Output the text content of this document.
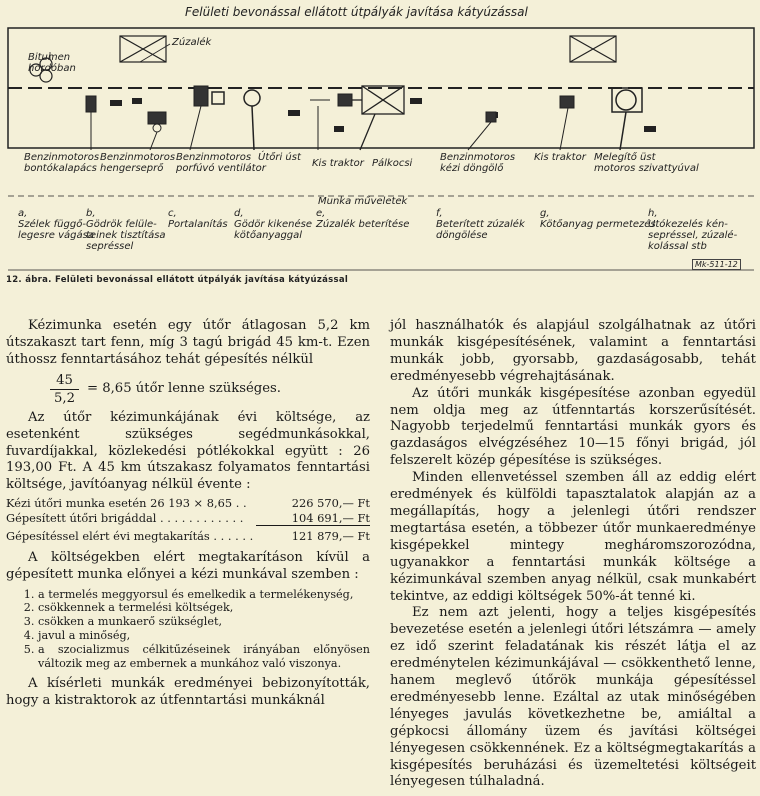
Felületi bevonással ellátott útpályák javítása kátyúzással
Bitumen
hordóban
Zúzalék
Benzinmotoros
bontókalapács
Benzinmotoros
hengerseprő
Benzinmotoros
porfúvó ventilátor
Útőri úst
Kis traktor Pálkocsi
Benzinmotoros
kézi döngölő
Kis traktor Melegítő üst
motoros szivattyúval
Munka műveletek
a,
Szélek függő-
legesre vágása
b,
Gödrök felüle-
teinek tisztítása
sepréssel
c,
Portalanítás
d,
Gödör kikenése
kötőanyaggal
e,
Zúzalék beterítése
f,
Beterített zúzalék
döngölése
g,
Kötőanyag permetezés
h,
Utókezelés kén-
sepréssel, zúzalé-
kolással stb
Mk-511-12
12. ábra. Felületi bevonással ellátott útpályák javítása kátyúzással

Kézimunka esetén egy útőr átlagosan 5,2 km útszakaszt tart fenn, míg 3 tagú brigád 45 km-t. Ezen úthossz fenntartásához tehát gépesítés nélkül

$\frac{45}{5,2} = 8,65$ útőr lenne szükséges.

Az útőr kézimunkájának évi költsége, az esetenként szükséges segédmunkásokkal, fuvardíjakkal, közlekedési pótlékokkal együtt : 26 193,00 Ft. A 45 km útszakasz folyamatos fenntartási költsége, javítóanyag nélkül évente :

Kézi útőri munka esetén 26 193 × 8,65 . .	226 570,— Ft
Gépesített útőri brigáddal . . . . . . . . . . . .	104 691,— Ft
Gépesítéssel elért évi megtakarítás . . . . . .	121 879,— Ft

A költségekben elért megtakarításon kívül a gépesített munka előnyei a kézi munkával szemben :

1. a termelés meggyorsul és emelkedik a termelékenység,
2. csökkennek a termelési költségek,
3. csökken a munkaerő szükséglet,
4. javul a minőség,
5. a szocializmus célkitűzéseinek irányában előnyösen változik meg az embernek a munkához való viszonya.

A kísérleti munkák eredményei bebizonyították, hogy a kistraktorok az útfenntartási munkáknál

jól használhatók és alapjául szolgálhatnak az útőri munkák kisgépesítésének, valamint a fenntartási munkák jobb, gyorsabb, gazdaságosabb, tehát eredményesebb végrehajtásának.

Az útőri munkák kisgépesítése azonban egyedül nem oldja meg az útfenntartás korszerűsítését. Nagyobb terjedelmű fenntartási munkák gyors és gazdaságos elvégzéséhez 10—15 főnyi brigád, jól felszerelt közép gépesítése is szükséges.

Minden ellenvetéssel szemben áll az eddig elért eredmények és külföldi tapasztalatok alapján az a megállapítás, hogy a jelenlegi útőri rendszer megtartása esetén, a többezer útőr munkaeredménye kisgépekkel mintegy megháromszorozódna, ugyanakkor a fenntartási munkák költsége a kézimunkával szemben anyag nélkül, csak munkabért tekintve, az eddigi költségek 50%-át tenné ki.

Ez nem azt jelenti, hogy a teljes kisgépesítés bevezetése esetén a jelenlegi útőri létszámra — amely ez idő szerint feladatának kis részét látja el az eredménytelen kézimunkájával — csökkenthető lenne, hanem meglevő útőrök munkája gépesítéssel eredményesebb lenne. Ezáltal az utak minőségében lényeges javulás következhetne be, amiáltal a gépkocsi állomány üzem és javítási költségei lényegesen csökkennének. Ez a költségmegtakarítás a kisgépesítés beruházási és üzemeltetési költségeit lényegesen túlhaladná.
